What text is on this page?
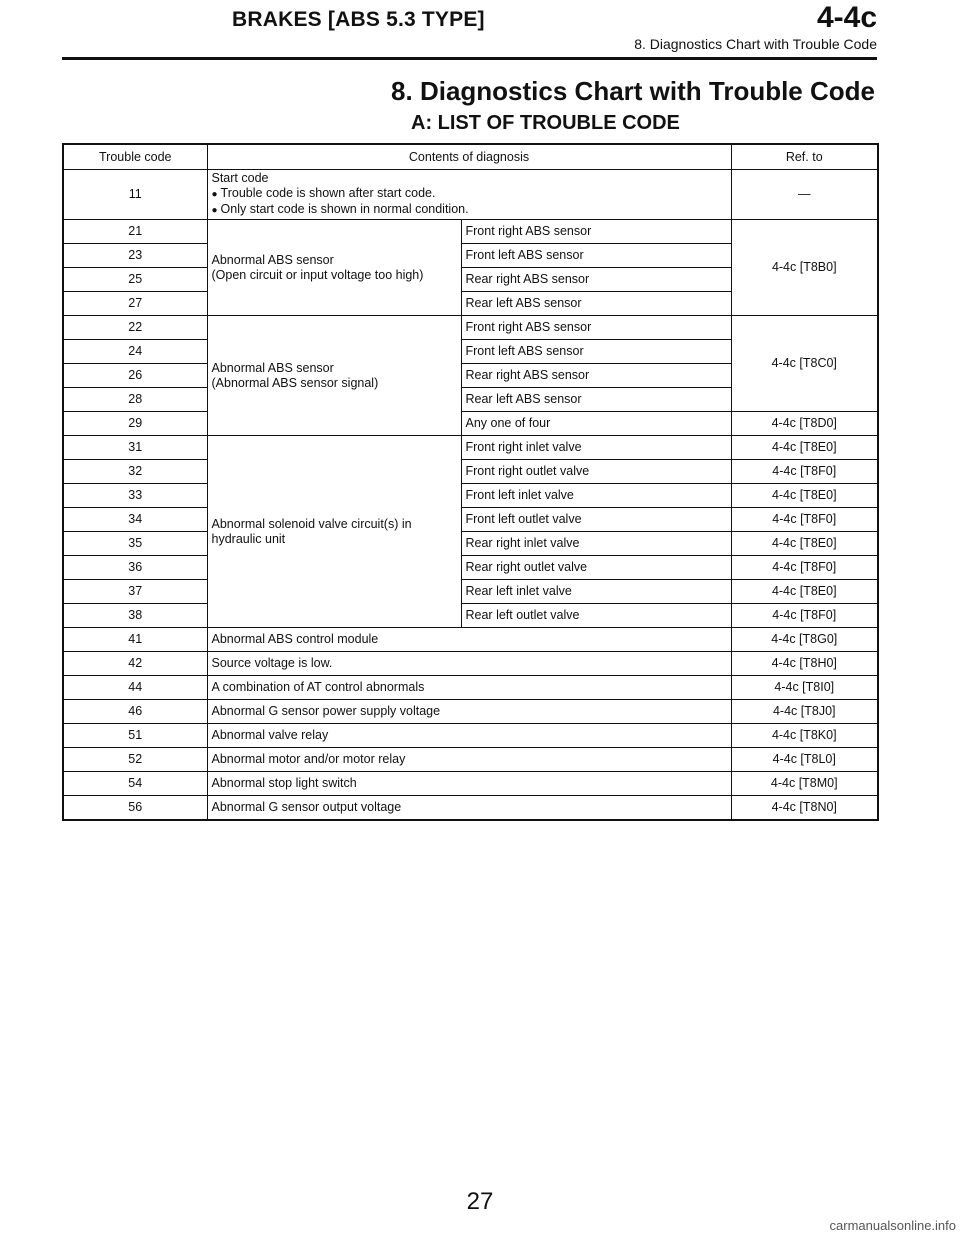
BRAKES [ABS 5.3 TYPE]	4-4c
8. Diagnostics Chart with Trouble Code
8. Diagnostics Chart with Trouble Code
A: LIST OF TROUBLE CODE
Trouble code	Contents of diagnosis		Ref. to
11	Start code
● Trouble code is shown after start code.
● Only start code is shown in normal condition.		—
21	Abnormal ABS sensor
(Open circuit or input voltage too high)	Front right ABS sensor	4-4c [T8B0]
23		Front left ABS sensor	
25		Rear right ABS sensor	
27		Rear left ABS sensor	
22	Abnormal ABS sensor
(Abnormal ABS sensor signal)	Front right ABS sensor	4-4c [T8C0]
24		Front left ABS sensor	
26		Rear right ABS sensor	
28		Rear left ABS sensor	
29		Any one of four	4-4c [T8D0]
31	Abnormal solenoid valve circuit(s) in
hydraulic unit	Front right inlet valve	4-4c [T8E0]
32		Front right outlet valve	4-4c [T8F0]
33		Front left inlet valve	4-4c [T8E0]
34		Front left outlet valve	4-4c [T8F0]
35		Rear right inlet valve	4-4c [T8E0]
36		Rear right outlet valve	4-4c [T8F0]
37		Rear left inlet valve	4-4c [T8E0]
38		Rear left outlet valve	4-4c [T8F0]
41	Abnormal ABS control module		4-4c [T8G0]
42	Source voltage is low.		4-4c [T8H0]
44	A combination of AT control abnormals		4-4c [T8I0]
46	Abnormal G sensor power supply voltage		4-4c [T8J0]
51	Abnormal valve relay		4-4c [T8K0]
52	Abnormal motor and/or motor relay		4-4c [T8L0]
54	Abnormal stop light switch		4-4c [T8M0]
56	Abnormal G sensor output voltage		4-4c [T8N0]
27
carmanualsonline.info
